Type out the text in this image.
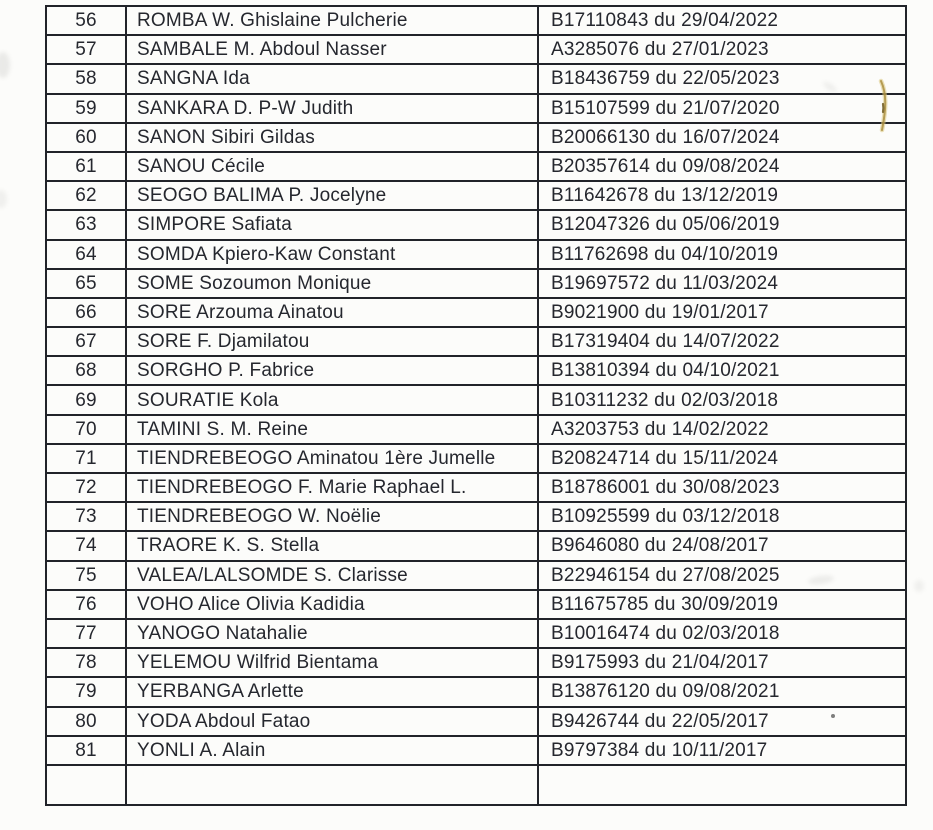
56	ROMBA W. Ghislaine Pulcherie	B17110843 du 29/04/2022
57	SAMBALE M. Abdoul Nasser	A3285076 du 27/01/2023
58	SANGNA Ida	B18436759 du 22/05/2023
59	SANKARA D. P-W Judith	B15107599 du 21/07/2020
60	SANON Sibiri Gildas	B20066130 du 16/07/2024
61	SANOU Cécile	B20357614 du 09/08/2024
62	SEOGO BALIMA P. Jocelyne	B11642678 du 13/12/2019
63	SIMPORE Safiata	B12047326 du 05/06/2019
64	SOMDA Kpiero-Kaw Constant	B11762698 du 04/10/2019
65	SOME Sozoumon Monique	B19697572 du 11/03/2024
66	SORE Arzouma Ainatou	B9021900 du 19/01/2017
67	SORE F. Djamilatou	B17319404 du 14/07/2022
68	SORGHO P. Fabrice	B13810394 du 04/10/2021
69	SOURATIE Kola	B10311232 du 02/03/2018
70	TAMINI S. M. Reine	A3203753 du 14/02/2022
71	TIENDREBEOGO Aminatou 1ère Jumelle	B20824714 du 15/11/2024
72	TIENDREBEOGO F. Marie Raphael L.	B18786001 du 30/08/2023
73	TIENDREBEOGO W. Noëlie	B10925599 du 03/12/2018
74	TRAORE K. S. Stella	B9646080 du 24/08/2017
75	VALEA/LALSOMDE S. Clarisse	B22946154 du 27/08/2025
76	VOHO Alice Olivia Kadidia	B11675785 du 30/09/2019
77	YANOGO Natahalie	B10016474 du 02/03/2018
78	YELEMOU Wilfrid Bientama	B9175993 du 21/04/2017
79	YERBANGA Arlette	B13876120 du 09/08/2021
80	YODA Abdoul Fatao	B9426744 du 22/05/2017
81	YONLI A. Alain	B9797384 du 10/11/2017
